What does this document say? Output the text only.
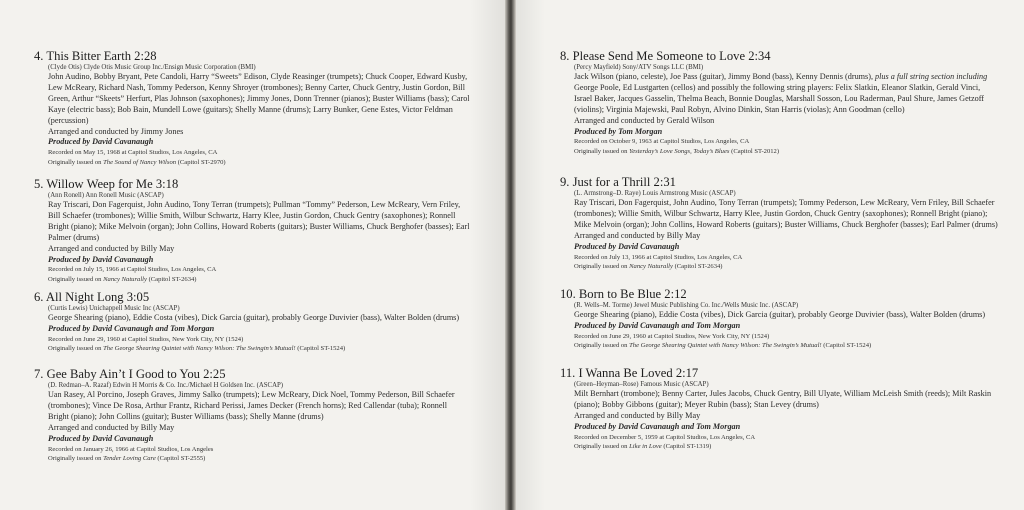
4. This Bitter Earth 2:28
(Clyde Otis) Clyde Otis Music Group Inc./Ensign Music Corporation (BMI)
John Audino, Bobby Bryant, Pete Candoli, Harry “Sweets” Edison, Clyde Reasinger (trumpets); Chuck Cooper, Edward Kusby, Lew McReary, Richard Nash, Tommy Pederson, Kenny Shroyer (trombones); Benny Carter, Chuck Gentry, Justin Gordon, Bill Green, Arthur “Skeets” Herfurt, Plas Johnson (saxophones); Jimmy Jones, Donn Trenner (pianos); Buster Williams (bass); Carol Kaye (electric bass); Bob Bain, Mundell Lowe (guitars); Shelly Manne (drums); Larry Bunker, Gene Estes, Victor Feldman (percussion)
Arranged and conducted by Jimmy Jones
Produced by David Cavanaugh
Recorded on May 15, 1968 at Capitol Studios, Los Angeles, CA
Originally issued on The Sound of Nancy Wilson (Capitol ST-2970)
5. Willow Weep for Me 3:18
(Ann Ronell) Ann Ronell Music (ASCAP)
Ray Triscari, Don Fagerquist, John Audino, Tony Terran (trumpets); Pullman “Tommy” Pederson, Lew McReary, Vern Friley, Bill Schaefer (trombones); Willie Smith, Wilbur Schwartz, Harry Klee, Justin Gordon, Chuck Gentry (saxophones); Ronnell Bright (piano); Mike Melvoin (organ); John Collins, Howard Roberts (guitars); Buster Williams, Chuck Berghofer (basses); Earl Palmer (drums)
Arranged and conducted by Billy May
Produced by David Cavanaugh
Recorded on July 15, 1966 at Capitol Studios, Los Angeles, CA
Originally issued on Nancy Naturally (Capitol ST-2634)
6. All Night Long 3:05
(Curtis Lewis) Unichappell Music Inc (ASCAP)
George Shearing (piano), Eddie Costa (vibes), Dick Garcia (guitar), probably George Duvivier (bass), Walter Bolden (drums)
Produced by David Cavanaugh and Tom Morgan
Recorded on June 29, 1960 at Capitol Studios, New York City, NY (1524)
Originally issued on The George Shearing Quintet with Nancy Wilson: The Swingin’s Mutual! (Capitol ST-1524)
7. Gee Baby Ain’t I Good to You 2:25
(D. Redman–A. Razaf) Edwin H Morris & Co. Inc./Michael H Goldsen Inc. (ASCAP)
Uan Rasey, Al Porcino, Joseph Graves, Jimmy Salko (trumpets); Lew McReary, Dick Noel, Tommy Pederson, Bill Schaefer (trombones); Vince De Rosa, Arthur Frantz, Richard Perissi, James Decker (French horns); Red Callendar (tuba); Ronnell Bright (piano); John Collins (guitar); Buster Williams (bass); Shelly Manne (drums)
Arranged and conducted by Billy May
Produced by David Cavanaugh
Recorded on January 26, 1966 at Capitol Studios, Los Angeles
Originally issued on Tender Loving Care (Capitol ST-2555)
8. Please Send Me Someone to Love 2:34
(Percy Mayfield) Sony/ATV Songs LLC (BMI)
Jack Wilson (piano, celeste), Joe Pass (guitar), Jimmy Bond (bass), Kenny Dennis (drums), plus a full string section including George Poole, Ed Lustgarten (cellos) and possibly the following string players: Felix Slatkin, Eleanor Slatkin, Gerald Vinci, Israel Baker, Jacques Gasselin, Thelma Beach, Bonnie Douglas, Marshall Sosson, Lou Raderman, Paul Shure, James Getzoff (violins); Virginia Majewski, Paul Robyn, Alvino Dinkin, Stan Harris (violas); Ann Goodman (cello)
Arranged and conducted by Gerald Wilson
Produced by Tom Morgan
Recorded on October 9, 1963 at Capitol Studios, Los Angeles, CA
Originally issued on Yesterday’s Love Songs, Today’s Blues (Capitol ST-2012)
9. Just for a Thrill 2:31
(L. Armstrong–D. Raye) Louis Armstrong Music (ASCAP)
Ray Triscari, Don Fagerquist, John Audino, Tony Terran (trumpets); Tommy Pederson, Lew McReary, Vern Friley, Bill Schaefer (trombones); Willie Smith, Wilbur Schwartz, Harry Klee, Justin Gordon, Chuck Gentry (saxophones); Ronnell Bright (piano); Mike Melvoin (organ); John Collins, Howard Roberts (guitars); Buster Williams, Chuck Berghofer (basses); Earl Palmer (drums)
Arranged and conducted by Billy May
Produced by David Cavanaugh
Recorded on July 13, 1966 at Capitol Studios, Los Angeles, CA
Originally issued on Nancy Naturally (Capitol ST-2634)
10. Born to Be Blue 2:12
(R. Wells–M. Torme) Jewel Music Publishing Co. Inc./Wells Music Inc. (ASCAP)
George Shearing (piano), Eddie Costa (vibes), Dick Garcia (guitar), probably George Duvivier (bass), Walter Bolden (drums)
Produced by David Cavanaugh and Tom Morgan
Recorded on June 29, 1960 at Capitol Studios, New York City, NY (1524)
Originally issued on The George Shearing Quintet with Nancy Wilson: The Swingin’s Mutual! (Capitol ST-1524)
11. I Wanna Be Loved 2:17
(Green–Heyman–Rose) Famous Music (ASCAP)
Milt Bernhart (trombone); Benny Carter, Jules Jacobs, Chuck Gentry, Bill Ulyate, William McLeish Smith (reeds); Milt Raskin (piano); Bobby Gibbons (guitar); Meyer Rubin (bass); Stan Levey (drums)
Arranged and conducted by Billy May
Produced by David Cavanaugh and Tom Morgan
Recorded on December 5, 1959 at Capitol Studios, Los Angeles, CA
Originally issued on Like in Love (Capitol ST-1319)
